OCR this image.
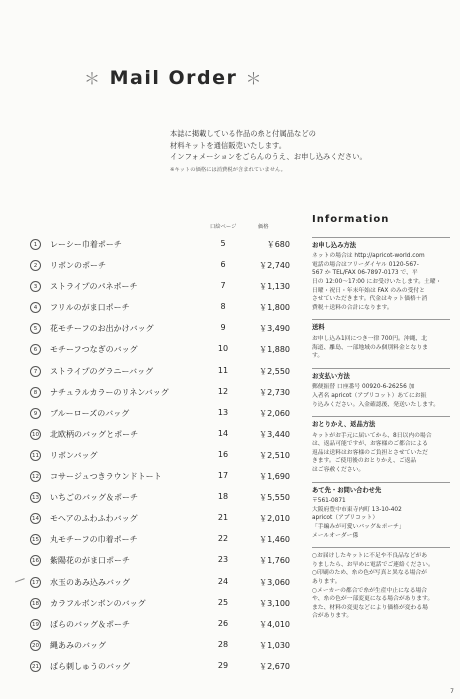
＊ Mail Order ＊
本誌に掲載している作品の糸と付属品などの
材料キットを通信販売いたします。
インフォメーションをごらんのうえ、お申し込みください。
※キットの価格には消費税が含まれていません。
口絵ページ	価格
1	レーシー巾着ポーチ	5	￥680
2	リボンのポーチ	6	￥2,740
3	ストライプのパネポーチ	7	￥1,130
4	フリルのがま口ポーチ	8	￥1,800
5	花モチーフのお出かけバッグ	9	￥3,490
6	モチーフつなぎのバッグ	10	￥1,880
7	ストライプのグラニーバッグ	11	￥2,550
8	ナチュラルカラーのリネンバッグ	12	￥2,730
9	ブルーローズのバッグ	13	￥2,060
10 北欧柄のバッグとポーチ	14	￥3,440
11 リボンバッグ	16	￥2,510
12 コサージュつきラウンドトート	17	￥1,690
13 いちごのバッグ＆ポーチ	18	￥5,550
14 モヘアのふわふわバッグ	21	￥2,010
15 丸モチーフの巾着ポーチ	22	￥1,460
16 紫陽花のがま口ポーチ	23	￥1,760
17 水玉のあみ込みバッグ	24	￥3,060
18 カラフルボンボンのバッグ	25	￥3,100
19 ばらのバッグ＆ポーチ	26	￥4,010
20 縄あみのバッグ	28	￥1,030
21 ばら刺しゅうのバッグ	29	￥2,670
Information
お申し込み方法
ネットの場合は http://apricot-world.com
電話の場合はフリーダイヤル 0120-567-
567 か TEL/FAX 06-7897-0173 で、平
日の 12:00～17:00 にお受けいたします。土曜・
日曜・祝日・年末年始は FAX のみの受付と
させていただきます。代金はキット価格＋消
費税＋送料の合計になります。
送料
お申し込み1回につき一律 700円。沖縄、北
海道、離島、一部地域のみ個別料金となりま
す。
お支払い方法
郵便振替 口座番号 00920-6-26256 加
入者名 apricot（アプリコット）あてにお振
り込みください。入金確認後、発送いたします。
おとりかえ、返品方法
キットがお手元に届いてから、8日以内の場合
は、返品可能ですが、お客様のご都合による
返品は送料はお客様のご負担とさせていただ
きます。ご使用後のおとりかえ、ご返品
はご容赦ください。
あて先・お問い合わせ先
〒561-0871
大阪府豊中市東寺内町 13-10-402
apricot（アプリコット）
「手編みが可愛いバッグ＆ポーチ」
メールオーダー係
○お届けしたキットに不足や不良品などがあ
りましたら、お早めに電話でご連絡ください。
○印刷のため、糸の色が写真と異なる場合が
あります。
○メーカーの都合で糸が生産中止になる場合
や、糸の色が一部変更になる場合があります。
また、材料の変更などにより価格が変わる場
合があります。
7
